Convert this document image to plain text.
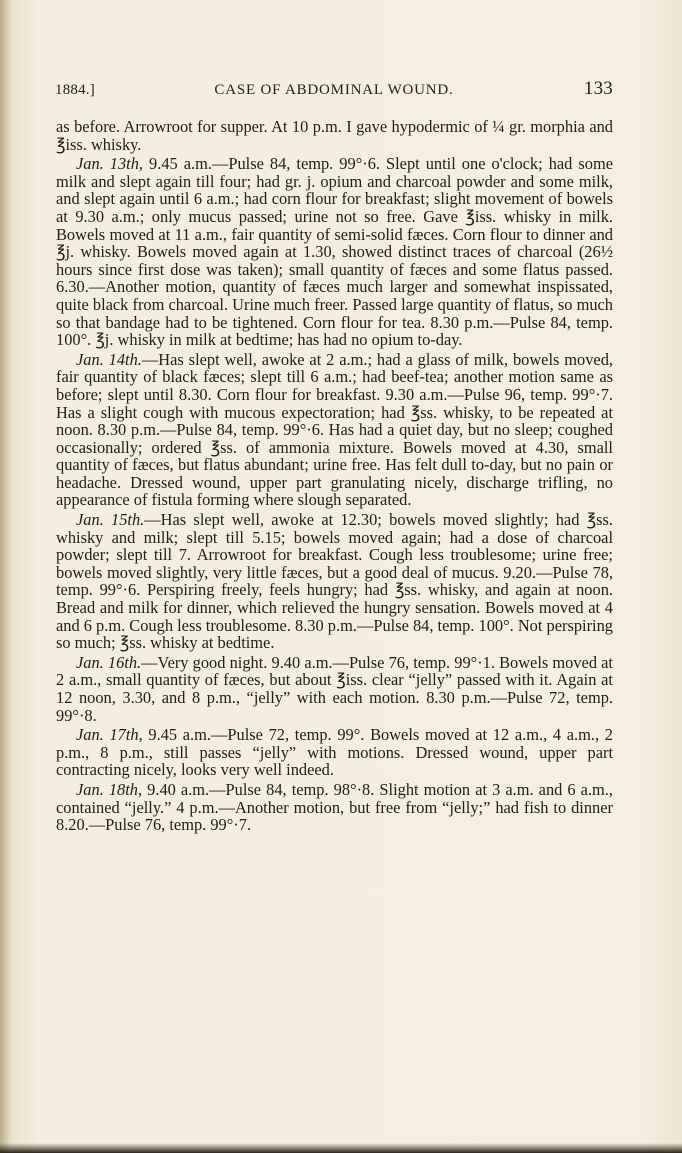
1884.]	CASE OF ABDOMINAL WOUND.	133

as before. Arrowroot for supper. At 10 p.m. I gave hypodermic of ¼ gr. morphia and ℥iss. whisky.

Jan. 13th, 9.45 a.m.—Pulse 84, temp. 99°·6. Slept until one o'clock; had some milk and slept again till four; had gr. j. opium and charcoal powder and some milk, and slept again until 6 a.m.; had corn flour for breakfast; slight movement of bowels at 9.30 a.m.; only mucus passed; urine not so free. Gave ℥iss. whisky in milk. Bowels moved at 11 a.m., fair quantity of semi-solid fæces. Corn flour to dinner and ℥j. whisky. Bowels moved again at 1.30, showed distinct traces of charcoal (26½ hours since first dose was taken); small quantity of fæces and some flatus passed. 6.30.—Another motion, quantity of fæces much larger and somewhat inspissated, quite black from charcoal. Urine much freer. Passed large quantity of flatus, so much so that bandage had to be tightened. Corn flour for tea. 8.30 p.m.—Pulse 84, temp. 100°. ℥j. whisky in milk at bedtime; has had no opium to-day.

Jan. 14th.—Has slept well, awoke at 2 a.m.; had a glass of milk, bowels moved, fair quantity of black fæces; slept till 6 a.m.; had beef-tea; another motion same as before; slept until 8.30. Corn flour for breakfast. 9.30 a.m.—Pulse 96, temp. 99°·7. Has a slight cough with mucous expectoration; had ℥ss. whisky, to be repeated at noon. 8.30 p.m.—Pulse 84, temp. 99°·6. Has had a quiet day, but no sleep; coughed occasionally; ordered ℥ss. of ammonia mixture. Bowels moved at 4.30, small quantity of fæces, but flatus abundant; urine free. Has felt dull to-day, but no pain or headache. Dressed wound, upper part granulating nicely, discharge trifling, no appearance of fistula forming where slough separated.

Jan. 15th.—Has slept well, awoke at 12.30; bowels moved slightly; had ℥ss. whisky and milk; slept till 5.15; bowels moved again; had a dose of charcoal powder; slept till 7. Arrowroot for breakfast. Cough less troublesome; urine free; bowels moved slightly, very little fæces, but a good deal of mucus. 9.20.—Pulse 78, temp. 99°·6. Perspiring freely, feels hungry; had ℥ss. whisky, and again at noon. Bread and milk for dinner, which relieved the hungry sensation. Bowels moved at 4 and 6 p.m. Cough less troublesome. 8.30 p.m.—Pulse 84, temp. 100°. Not perspiring so much; ℥ss. whisky at bedtime.

Jan. 16th.—Very good night. 9.40 a.m.—Pulse 76, temp. 99°·1. Bowels moved at 2 a.m., small quantity of fæces, but about ℥iss. clear “jelly” passed with it. Again at 12 noon, 3.30, and 8 p.m., “jelly” with each motion. 8.30 p.m.—Pulse 72, temp. 99°·8.

Jan. 17th, 9.45 a.m.—Pulse 72, temp. 99°. Bowels moved at 12 a.m., 4 a.m., 2 p.m., 8 p.m., still passes “jelly” with motions. Dressed wound, upper part contracting nicely, looks very well indeed.

Jan. 18th, 9.40 a.m.—Pulse 84, temp. 98°·8. Slight motion at 3 a.m. and 6 a.m., contained “jelly.” 4 p.m.—Another motion, but free from “jelly;” had fish to dinner 8.20.—Pulse 76, temp. 99°·7.
